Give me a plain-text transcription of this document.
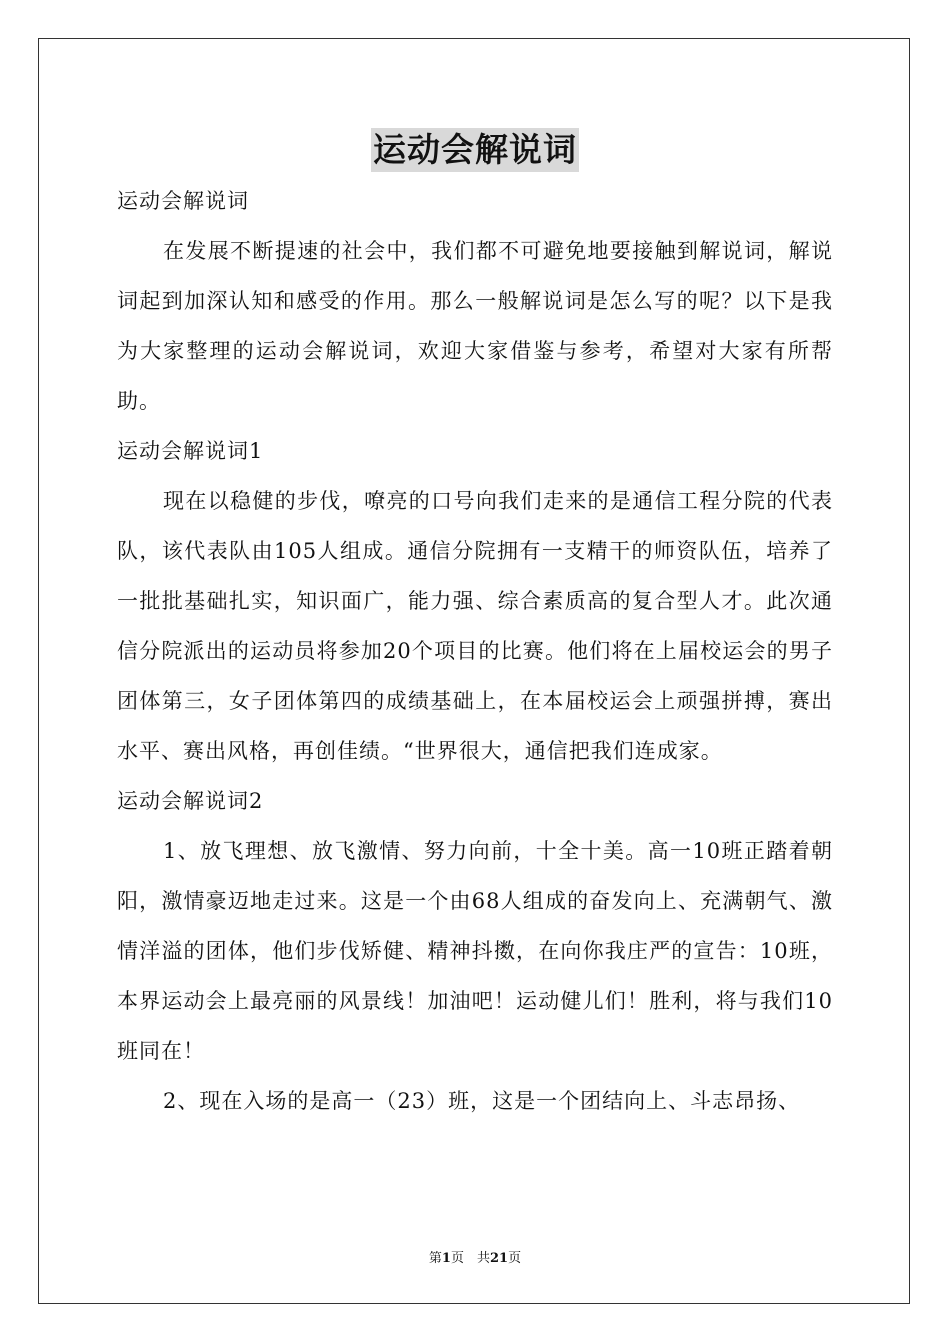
运动会解说词

运动会解说词

在发展不断提速的社会中，我们都不可避免地要接触到解说词，解说词起到加深认知和感受的作用。那么一般解说词是怎么写的呢？以下是我为大家整理的运动会解说词，欢迎大家借鉴与参考，希望对大家有所帮助。

运动会解说词1

现在以稳健的步伐，嘹亮的口号向我们走来的是通信工程分院的代表队，该代表队由105人组成。通信分院拥有一支精干的师资队伍，培养了一批批基础扎实，知识面广，能力强、综合素质高的复合型人才。此次通信分院派出的运动员将参加20个项目的比赛。他们将在上届校运会的男子团体第三，女子团体第四的成绩基础上，在本届校运会上顽强拼搏，赛出水平、赛出风格，再创佳绩。“世界很大，通信把我们连成家。

运动会解说词2

1、放飞理想、放飞激情、努力向前，十全十美。高一10班正踏着朝阳，激情豪迈地走过来。这是一个由68人组成的奋发向上、充满朝气、激情洋溢的团体，他们步伐矫健、精神抖擞，在向你我庄严的宣告：10班，本界运动会上最亮丽的风景线！加油吧！运动健儿们！胜利，将与我们10班同在！

2、现在入场的是高一（23）班，这是一个团结向上、斗志昂扬、

第1页　共21页
